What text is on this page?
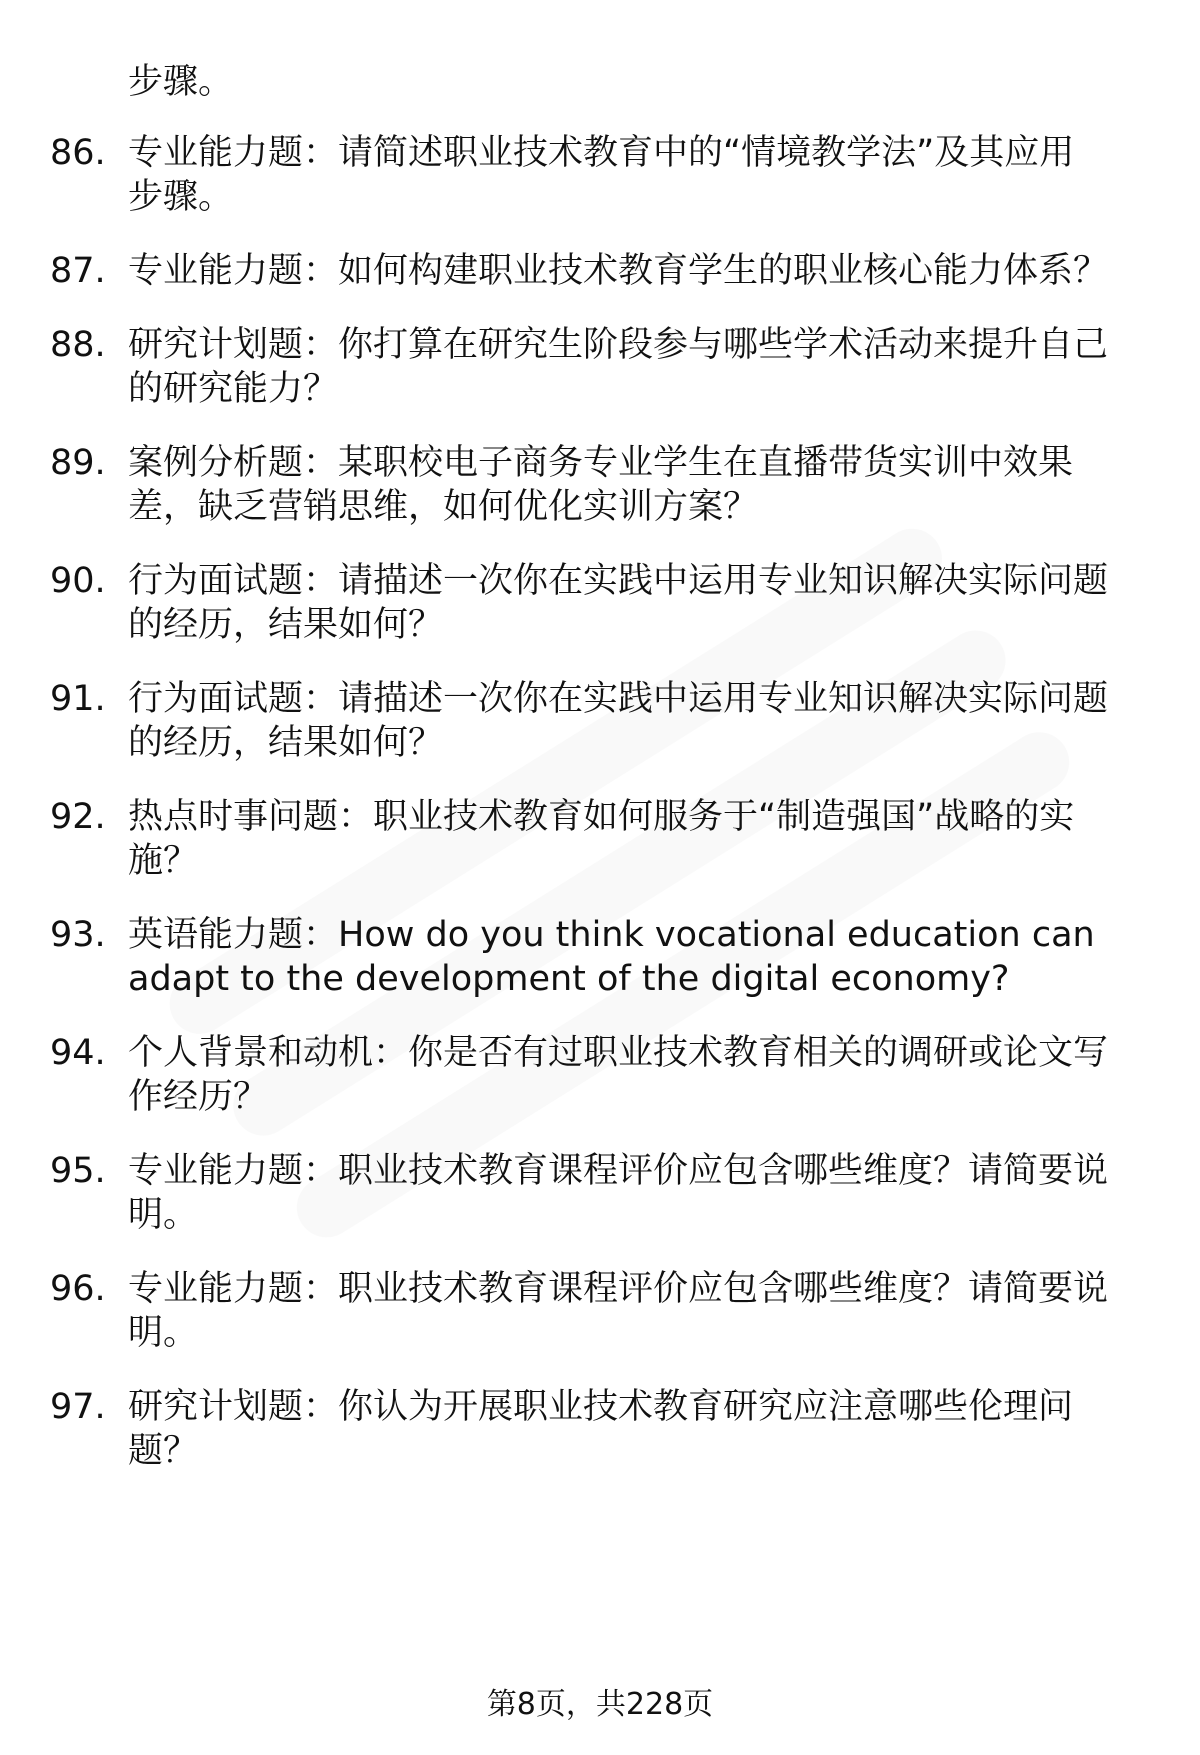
步骤。
86. 专业能力题：请简述职业技术教育中的“情境教学法”及其应用
步骤。
87. 专业能力题：如何构建职业技术教育学生的职业核心能力体系？
88. 研究计划题：你打算在研究生阶段参与哪些学术活动来提升自己
的研究能力？
89. 案例分析题：某职校电子商务专业学生在直播带货实训中效果
差，缺乏营销思维，如何优化实训方案？
90. 行为面试题：请描述一次你在实践中运用专业知识解决实际问题
的经历，结果如何？
91. 行为面试题：请描述一次你在实践中运用专业知识解决实际问题
的经历，结果如何？
92. 热点时事问题：职业技术教育如何服务于“制造强国”战略的实
施？
93. 英语能力题：How do you think vocational education can
adapt to the development of the digital economy?
94. 个人背景和动机：你是否有过职业技术教育相关的调研或论文写
作经历？
95. 专业能力题：职业技术教育课程评价应包含哪些维度？请简要说
明。
96. 专业能力题：职业技术教育课程评价应包含哪些维度？请简要说
明。
97. 研究计划题：你认为开展职业技术教育研究应注意哪些伦理问
题？
第8页，共228页
